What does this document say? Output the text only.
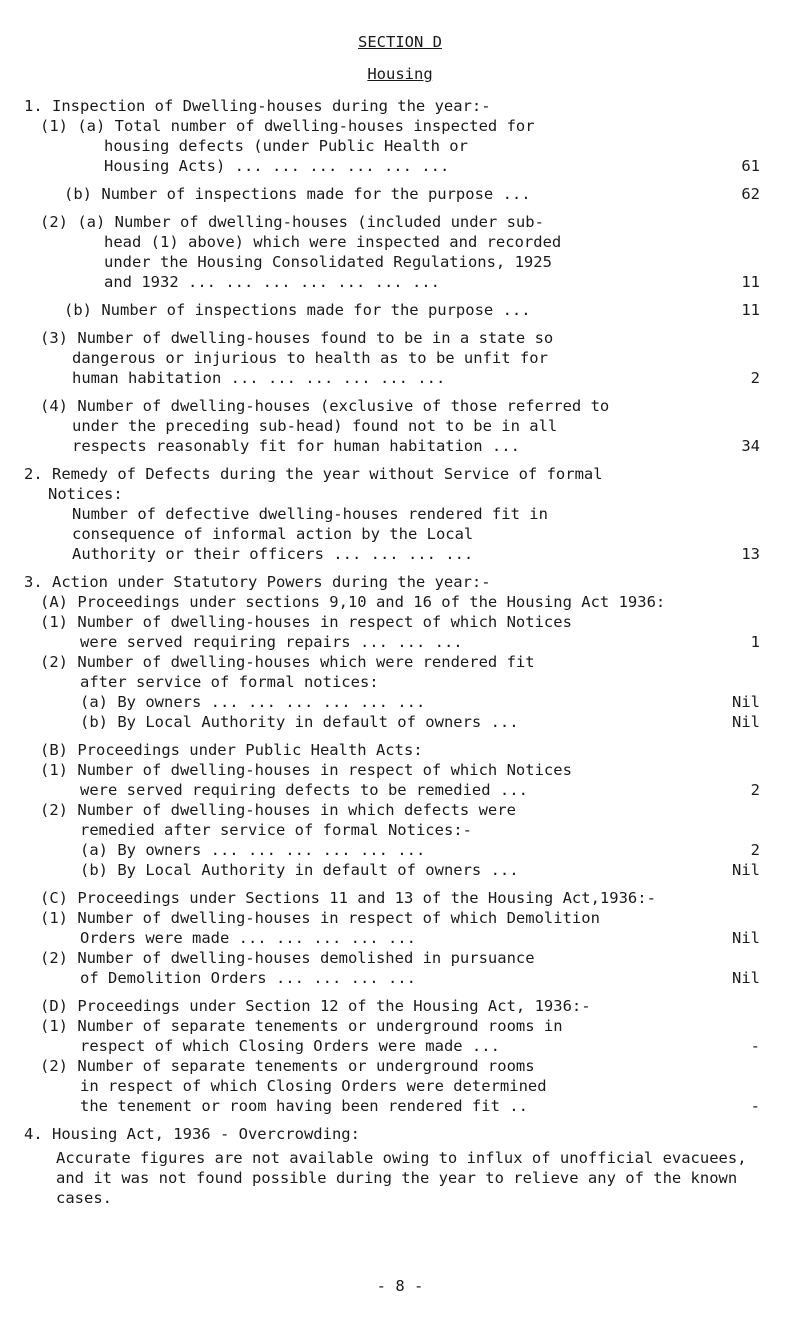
SECTION D
Housing
1. Inspection of Dwelling-houses during the year:-
(1) (a) Total number of dwelling-houses inspected for
housing defects (under Public Health or
Housing Acts) ... ... ... ... ... ...	61
(b) Number of inspections made for the purpose ...	62
(2) (a) Number of dwelling-houses (included under sub-
head (1) above) which were inspected and recorded
under the Housing Consolidated Regulations, 1925
and 1932 ... ... ... ... ... ... ...	11
(b) Number of inspections made for the purpose ...	11
(3) Number of dwelling-houses found to be in a state so
dangerous or injurious to health as to be unfit for
human habitation ... ... ... ... ... ...	2
(4) Number of dwelling-houses (exclusive of those referred to
under the preceding sub-head) found not to be in all
respects reasonably fit for human habitation ...	34
2. Remedy of Defects during the year without Service of formal
Notices:
Number of defective dwelling-houses rendered fit in
consequence of informal action by the Local
Authority or their officers ... ... ... ...	13
3. Action under Statutory Powers during the year:-
(A) Proceedings under sections 9,10 and 16 of the Housing Act 1936:
(1) Number of dwelling-houses in respect of which Notices
were served requiring repairs ... ... ...	1
(2) Number of dwelling-houses which were rendered fit
after service of formal notices:
(a) By owners ... ... ... ... ... ...	Nil
(b) By Local Authority in default of owners ...	Nil
(B) Proceedings under Public Health Acts:
(1) Number of dwelling-houses in respect of which Notices
were served requiring defects to be remedied ...	2
(2) Number of dwelling-houses in which defects were
remedied after service of formal Notices:-
(a) By owners ... ... ... ... ... ...	2
(b) By Local Authority in default of owners ...	Nil
(C) Proceedings under Sections 11 and 13 of the Housing Act,1936:-
(1) Number of dwelling-houses in respect of which Demolition
Orders were made ... ... ... ... ...	Nil
(2) Number of dwelling-houses demolished in pursuance
of Demolition Orders ... ... ... ...	Nil
(D) Proceedings under Section 12 of the Housing Act, 1936:-
(1) Number of separate tenements or underground rooms in
respect of which Closing Orders were made ...	-
(2) Number of separate tenements or underground rooms
in respect of which Closing Orders were determined
the tenement or room having been rendered fit ..	-
- 8 -
4. Housing Act, 1936 - Overcrowding:
Accurate figures are not available owing to influx of unofficial evacuees, and it was not found possible during the year to relieve any of the known cases.
